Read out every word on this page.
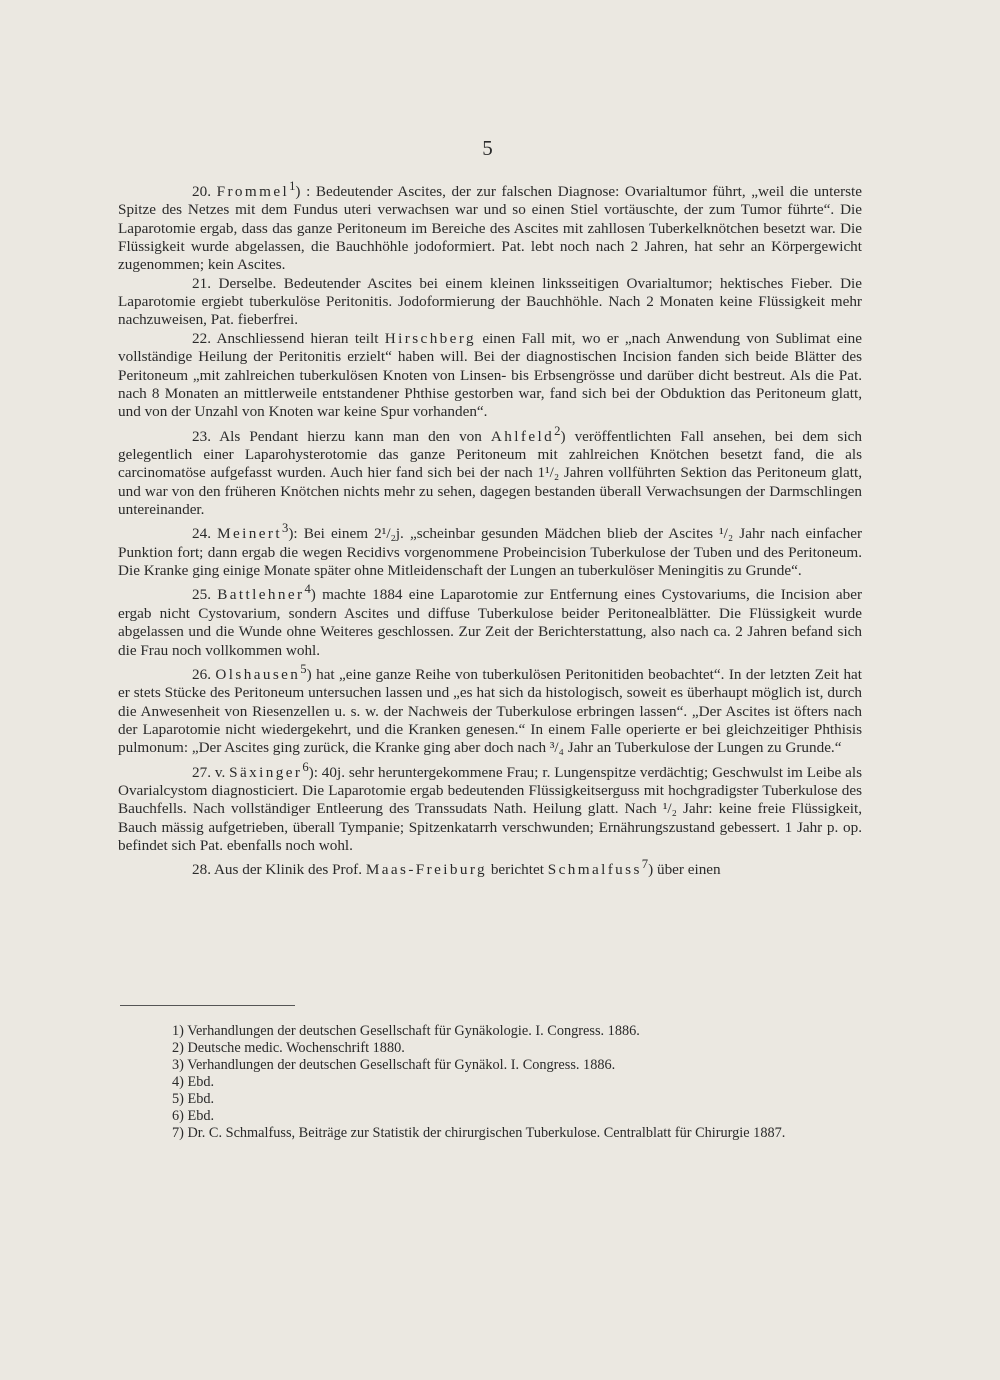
5

20. Frommel$^1$) : Bedeutender Ascites, der zur falschen Diagnose: Ovarialtumor führt, „weil die unterste Spitze des Netzes mit dem Fundus uteri verwachsen war und so einen Stiel vortäuschte, der zum Tumor führte“. Die Laparotomie ergab, dass das ganze Peritoneum im Bereiche des Ascites mit zahllosen Tuberkelknötchen besetzt war. Die Flüssigkeit wurde abgelassen, die Bauchhöhle jodoformiert. Pat. lebt noch nach 2 Jahren, hat sehr an Körpergewicht zugenommen; kein Ascites.

21. Derselbe. Bedeutender Ascites bei einem kleinen linksseitigen Ovarialtumor; hektisches Fieber. Die Laparotomie ergiebt tuberkulöse Peritonitis. Jodoformierung der Bauchhöhle. Nach 2 Monaten keine Flüssigkeit mehr nachzuweisen, Pat. fieberfrei.

22. Anschliessend hieran teilt Hirschberg einen Fall mit, wo er „nach Anwendung von Sublimat eine vollständige Heilung der Peritonitis erzielt“ haben will. Bei der diagnostischen Incision fanden sich beide Blätter des Peritoneum „mit zahlreichen tuberkulösen Knoten von Linsen- bis Erbsengrösse und darüber dicht bestreut. Als die Pat. nach 8 Monaten an mittlerweile entstandener Phthise gestorben war, fand sich bei der Obduktion das Peritoneum glatt, und von der Unzahl von Knoten war keine Spur vorhanden“.

23. Als Pendant hierzu kann man den von Ahlfeld$^2$) veröffentlichten Fall ansehen, bei dem sich gelegentlich einer Laparohysterotomie das ganze Peritoneum mit zahlreichen Knötchen besetzt fand, die als carcinomatöse aufgefasst wurden. Auch hier fand sich bei der nach 1¹/₂ Jahren vollführten Sektion das Peritoneum glatt, und war von den früheren Knötchen nichts mehr zu sehen, dagegen bestanden überall Verwachsungen der Darmschlingen untereinander.

24. Meinert$^3$): Bei einem 2¹/₂j. „scheinbar gesunden Mädchen blieb der Ascites ¹/₂ Jahr nach einfacher Punktion fort; dann ergab die wegen Recidivs vorgenommene Probeincision Tuberkulose der Tuben und des Peritoneum. Die Kranke ging einige Monate später ohne Mitleidenschaft der Lungen an tuberkulöser Meningitis zu Grunde“.

25. Battlehner$^4$) machte 1884 eine Laparotomie zur Entfernung eines Cystovariums, die Incision aber ergab nicht Cystovarium, sondern Ascites und diffuse Tuberkulose beider Peritonealblätter. Die Flüssigkeit wurde abgelassen und die Wunde ohne Weiteres geschlossen. Zur Zeit der Berichterstattung, also nach ca. 2 Jahren befand sich die Frau noch vollkommen wohl.

26. Olshausen$^5$) hat „eine ganze Reihe von tuberkulösen Peritonitiden beobachtet“. In der letzten Zeit hat er stets Stücke des Peritoneum untersuchen lassen und „es hat sich da histologisch, soweit es überhaupt möglich ist, durch die Anwesenheit von Riesenzellen u. s. w. der Nachweis der Tuberkulose erbringen lassen“. „Der Ascites ist öfters nach der Laparotomie nicht wiedergekehrt, und die Kranken genesen.“ In einem Falle operierte er bei gleichzeitiger Phthisis pulmonum: „Der Ascites ging zurück, die Kranke ging aber doch nach ³/₄ Jahr an Tuberkulose der Lungen zu Grunde.“

27. v. Säxinger$^6$): 40j. sehr heruntergekommene Frau; r. Lungenspitze verdächtig; Geschwulst im Leibe als Ovarialcystom diagnosticiert. Die Laparotomie ergab bedeutenden Flüssigkeitserguss mit hochgradigster Tuberkulose des Bauchfells. Nach vollständiger Entleerung des Transsudats Nath. Heilung glatt. Nach ¹/₂ Jahr: keine freie Flüssigkeit, Bauch mässig aufgetrieben, überall Tympanie; Spitzenkatarrh verschwunden; Ernährungszustand gebessert. 1 Jahr p. op. befindet sich Pat. ebenfalls noch wohl.

28. Aus der Klinik des Prof. Maas-Freiburg berichtet Schmalfuss$^7$) über einen

1) Verhandlungen der deutschen Gesellschaft für Gynäkologie. I. Congress. 1886.
2) Deutsche medic. Wochenschrift 1880.
3) Verhandlungen der deutschen Gesellschaft für Gynäkol. I. Congress. 1886.
4) Ebd.
5) Ebd.
6) Ebd.
7) Dr. C. Schmalfuss, Beiträge zur Statistik der chirurgischen Tuberkulose. Centralblatt für Chirurgie 1887.
